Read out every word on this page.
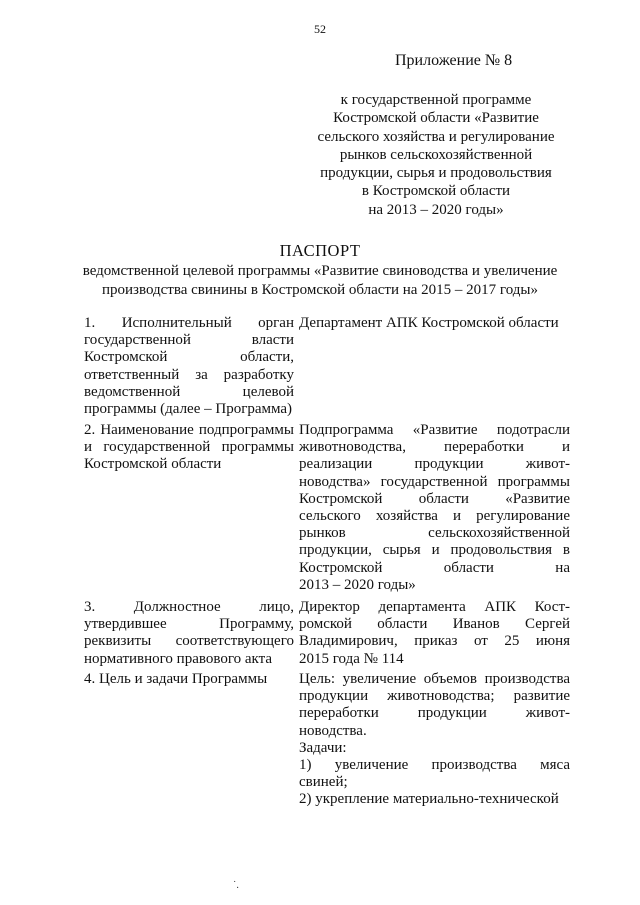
52
Приложение № 8
к государственной программе
Костромской области «Развитие
сельского хозяйства и регулирование
рынков сельскохозяйственной
продукции, сырья и продовольствия
в Костромской области
на 2013 – 2020 годы»
ПАСПОРТ
ведомственной целевой программы «Развитие свиноводства и увеличение
производства свинины в Костромской области на 2015 – 2017 годы»
1. Исполнительный орган
государственной власти
Костромской области,
ответственный за разработку
ведомственной целевой
программы (далее – Программа)
Департамент АПК Костромской области
2. Наименование подпрограммы
и государственной программы
Костромской области
Подпрограмма «Развитие подотрасли
животноводства, переработки и
реализации продукции живот-
новодства» государственной программы
Костромской области «Развитие
сельского хозяйства и регулирование
рынков сельскохозяйственной
продукции, сырья и продовольствия в
Костромской области на
2013 – 2020 годы»
3. Должностное лицо,
утвердившее Программу,
реквизиты соответствующего
нормативного правового акта
Директор департамента АПК Кост-
ромской области Иванов Сергей
Владимирович, приказ от 25 июня
2015 года № 114
4. Цель и задачи Программы	Цель: увеличение объемов производства
продукции животноводства; развитие
переработки продукции живот-
новодства.
Задачи:
1) увеличение производства мяса
свиней;
2) укрепление материально-технической
˙.
